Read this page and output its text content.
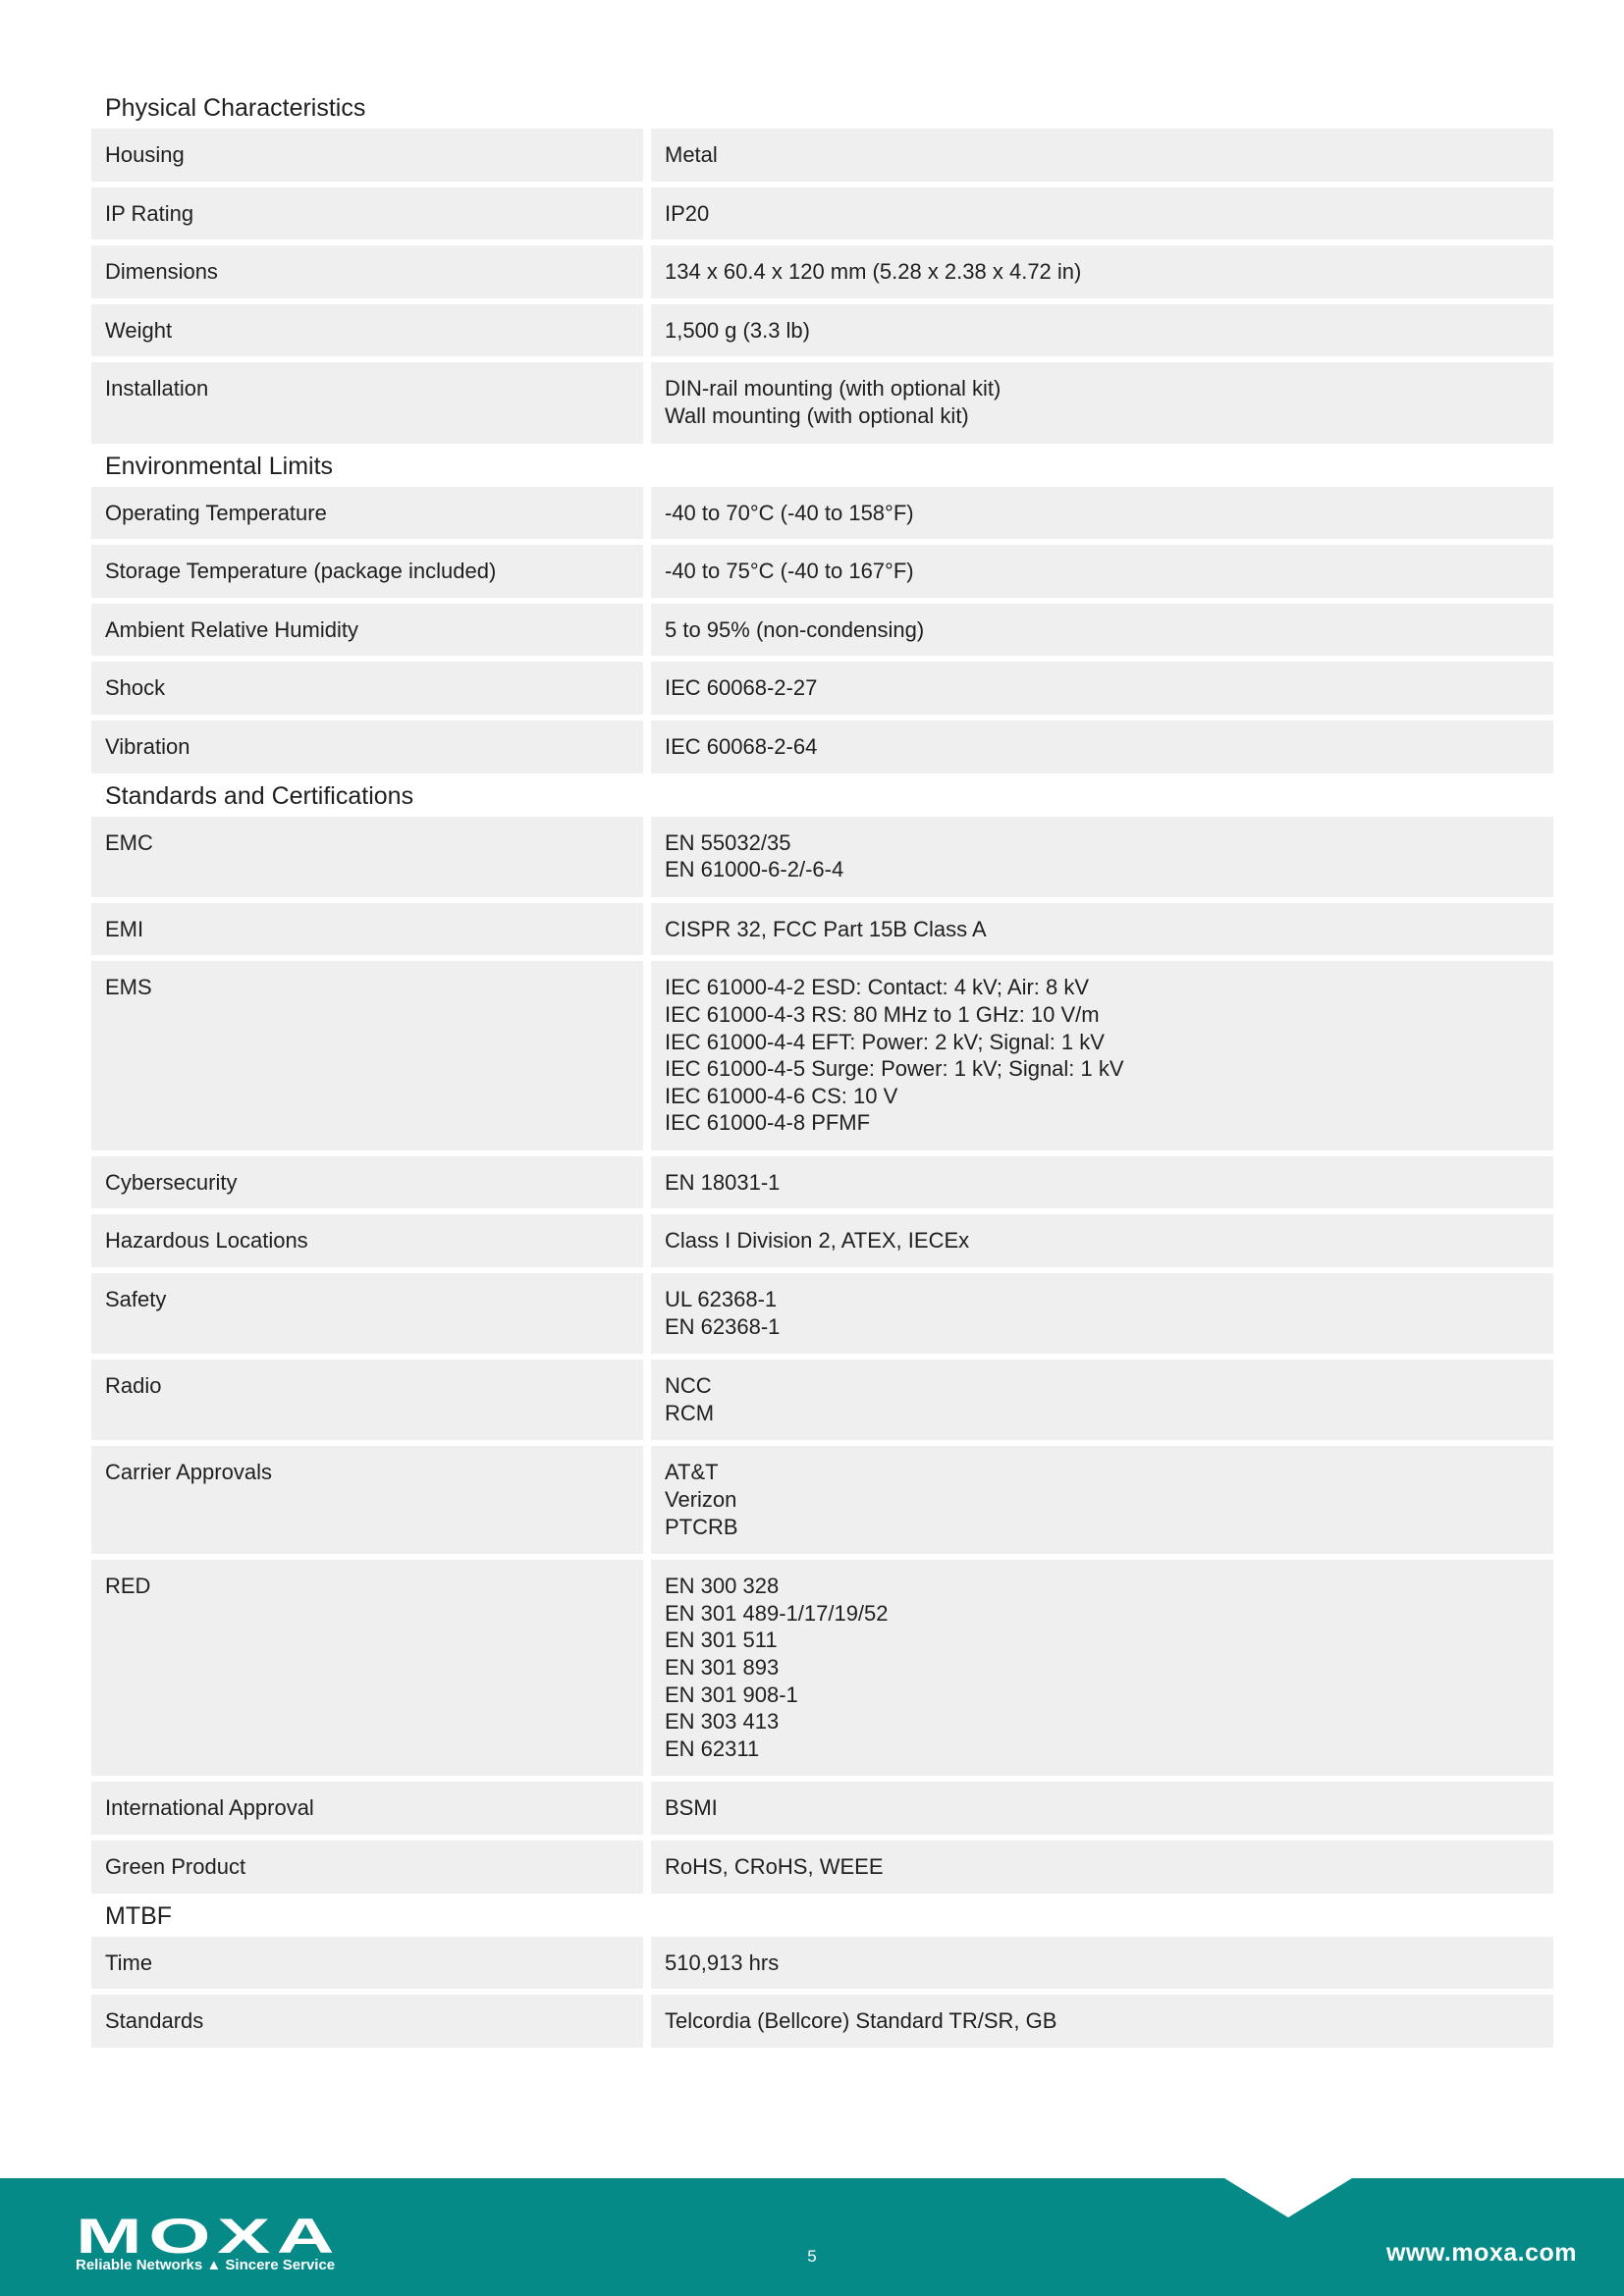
Physical Characteristics
Housing	Metal
IP Rating	IP20
Dimensions	134 x 60.4 x 120 mm (5.28 x 2.38 x 4.72 in)
Weight	1,500 g (3.3 lb)
Installation	DIN-rail mounting (with optional kit)
Wall mounting (with optional kit)
Environmental Limits
Operating Temperature	-40 to 70°C (-40 to 158°F)
Storage Temperature (package included)	-40 to 75°C (-40 to 167°F)
Ambient Relative Humidity	5 to 95% (non-condensing)
Shock	IEC 60068-2-27
Vibration	IEC 60068-2-64
Standards and Certifications
EMC	EN 55032/35
EN 61000-6-2/-6-4
EMI	CISPR 32, FCC Part 15B Class A
EMS	IEC 61000-4-2 ESD: Contact: 4 kV; Air: 8 kV
IEC 61000-4-3 RS: 80 MHz to 1 GHz: 10 V/m
IEC 61000-4-4 EFT: Power: 2 kV; Signal: 1 kV
IEC 61000-4-5 Surge: Power: 1 kV; Signal: 1 kV
IEC 61000-4-6 CS: 10 V
IEC 61000-4-8 PFMF
Cybersecurity	EN 18031-1
Hazardous Locations	Class I Division 2, ATEX, IECEx
Safety	UL 62368-1
EN 62368-1
Radio	NCC
RCM
Carrier Approvals	AT&T
Verizon
PTCRB
RED	EN 300 328
EN 301 489-1/17/19/52
EN 301 511
EN 301 893
EN 301 908-1
EN 303 413
EN 62311
International Approval	BSMI
Green Product	RoHS, CRoHS, WEEE
MTBF
Time	510,913 hrs
Standards	Telcordia (Bellcore) Standard TR/SR, GB
MOXA
Reliable Networks ▲ Sincere Service	5	www.moxa.com
